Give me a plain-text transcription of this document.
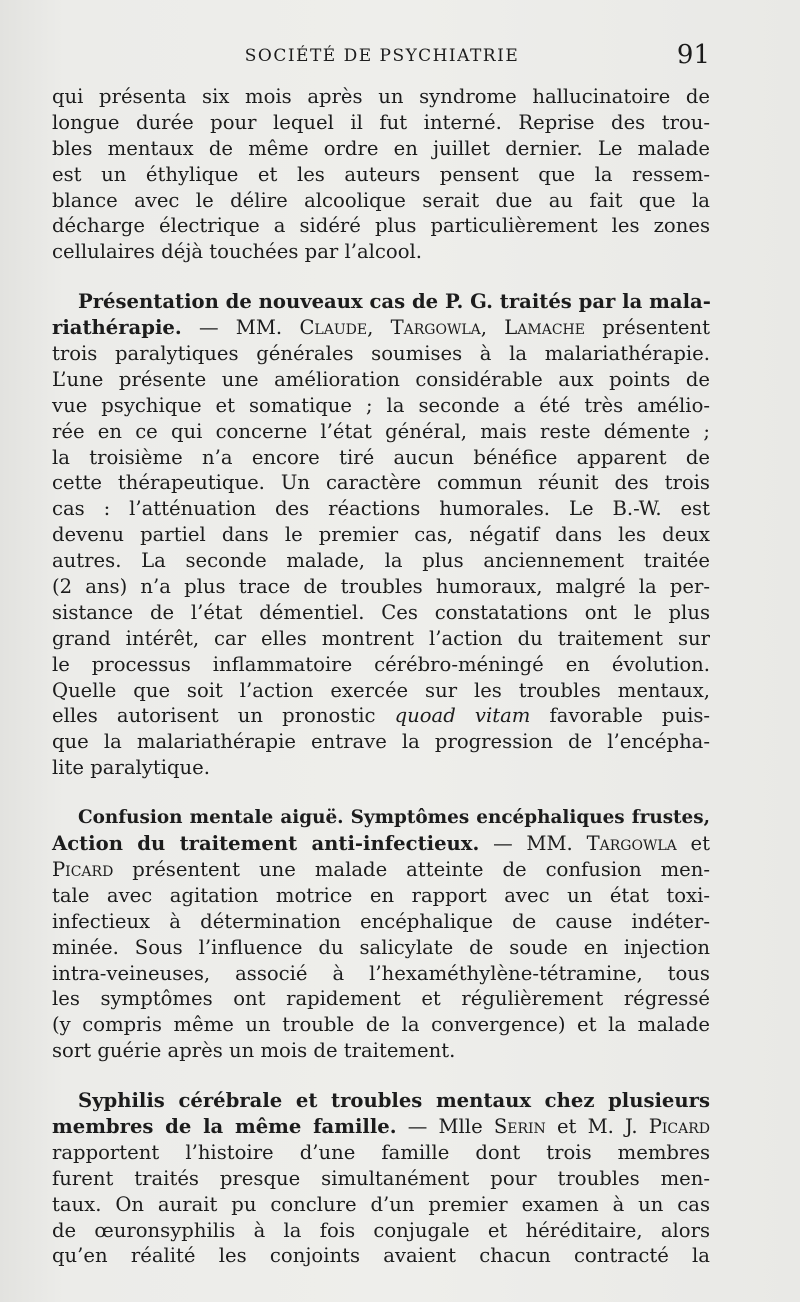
SOCIÉTÉ DE PSYCHIATRIE	91

qui présenta six mois après un syndrome hallucinatoire de
longue durée pour lequel il fut interné. Reprise des trou-
bles mentaux de même ordre en juillet dernier. Le malade
est un éthylique et les auteurs pensent que la ressem-
blance avec le délire alcoolique serait due au fait que la
décharge électrique a sidéré plus particulièrement les zones
cellulaires déjà touchées par l’alcool.

Présentation de nouveaux cas de P. G. traités par la mala-
riathérapie. — MM. Claude, Targowla, Lamache présentent
trois paralytiques générales soumises à la malariathérapie.
L’une présente une amélioration considérable aux points de
vue psychique et somatique ; la seconde a été très amélio-
rée en ce qui concerne l’état général, mais reste démente ;
la troisième n’a encore tiré aucun bénéfice apparent de
cette thérapeutique. Un caractère commun réunit des trois
cas : l’atténuation des réactions humorales. Le B.-W. est
devenu partiel dans le premier cas, négatif dans les deux
autres. La seconde malade, la plus anciennement traitée
(2 ans) n’a plus trace de troubles humoraux, malgré la per-
sistance de l’état démentiel. Ces constatations ont le plus
grand intérêt, car elles montrent l’action du traitement sur
le processus inflammatoire cérébro-méningé en évolution.
Quelle que soit l’action exercée sur les troubles mentaux,
elles autorisent un pronostic quoad vitam favorable puis-
que la malariathérapie entrave la progression de l’encépha-
lite paralytique.

Confusion mentale aiguë. Symptômes encéphaliques frustes,
Action du traitement anti-infectieux. — MM. Targowla et
Picard présentent une malade atteinte de confusion men-
tale avec agitation motrice en rapport avec un état toxi-
infectieux à détermination encéphalique de cause indéter-
minée. Sous l’influence du salicylate de soude en injection
intra-veineuses, associé à l’hexaméthylène-tétramine, tous
les symptômes ont rapidement et régulièrement régressé
(y compris même un trouble de la convergence) et la malade
sort guérie après un mois de traitement.

Syphilis cérébrale et troubles mentaux chez plusieurs
membres de la même famille. — Mlle Serin et M. J. Picard
rapportent l’histoire d’une famille dont trois membres
furent traités presque simultanément pour troubles men-
taux. On aurait pu conclure d’un premier examen à un cas
de œuronsyphilis à la fois conjugale et héréditaire, alors
qu’en réalité les conjoints avaient chacun contracté la
